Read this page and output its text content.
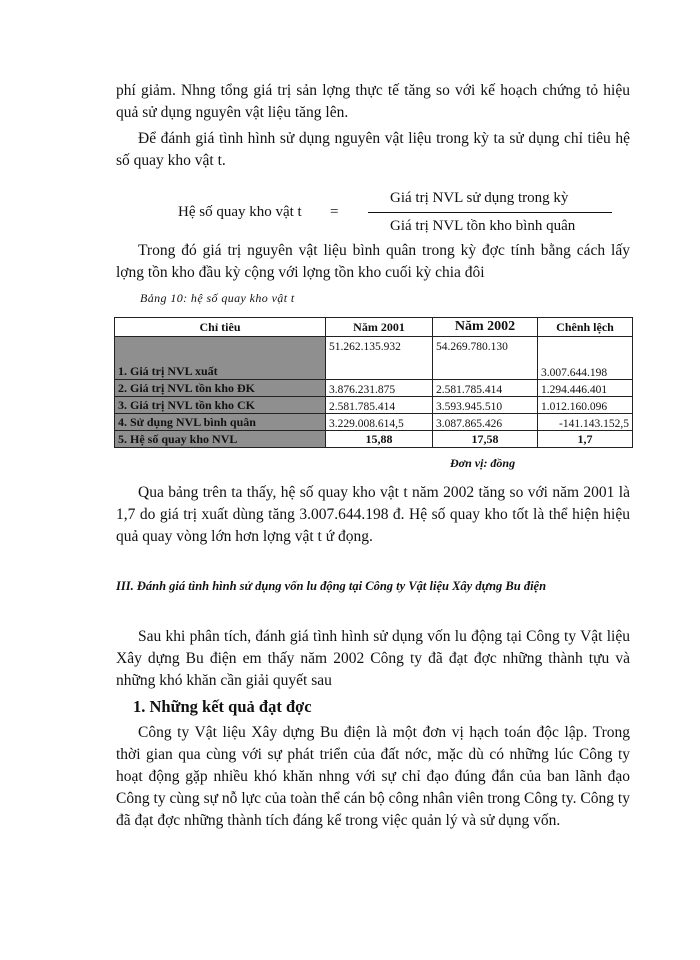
phí giảm. Nhng tổng giá trị sản lợng thực tế tăng so với kế hoạch chứng tỏ hiệu quả sử dụng nguyên vật liệu tăng lên.
Để đánh giá tình hình sử dụng nguyên vật liệu trong kỳ ta sử dụng chỉ tiêu hệ số quay kho vật t.
Hệ số quay kho vật t =
Giá trị NVL sử dụng trong kỳ
Giá trị NVL tồn kho bình quân
Trong đó giá trị nguyên vật liệu bình quân trong kỳ đợc tính bằng cách lấy lợng tồn kho đầu kỳ cộng với lợng tồn kho cuối kỳ chia đôi
Bảng 10: hệ số quay kho vật t
Chỉ tiêu	Năm 2001	Năm 2002	Chênh lệch
1. Giá trị NVL xuất	51.262.135.932	54.269.780.130	3.007.644.198
2. Giá trị NVL tồn kho ĐK	3.876.231.875	2.581.785.414	1.294.446.401
3. Giá trị NVL tồn kho CK	2.581.785.414	3.593.945.510	1.012.160.096
4. Sử dụng NVL bình quân	3.229.008.614,5	3.087.865.426	-141.143.152,5
5. Hệ số quay kho NVL	15,88	17,58	1,7
Đơn vị: đồng
Qua bảng trên ta thấy, hệ số quay kho vật t năm 2002 tăng so với năm 2001 là 1,7 do giá trị xuất dùng tăng 3.007.644.198 đ. Hệ số quay kho tốt là thể hiện hiệu quả quay vòng lớn hơn lợng vật t ứ đọng.
III. Đánh giá tình hình sử dụng vốn lu động tại Công ty Vật liệu Xây dựng Bu điện
Sau khi phân tích, đánh giá tình hình sử dụng vốn lu động tại Công ty Vật liệu Xây dựng Bu điện em thấy năm 2002 Công ty đã đạt đợc những thành tựu và những khó khăn cần giải quyết sau
1. Những kết quả đạt đợc
Công ty Vật liệu Xây dựng Bu điện là một đơn vị hạch toán độc lập. Trong thời gian qua cùng với sự phát triển của đất nớc, mặc dù có những lúc Công ty hoạt động gặp nhiều khó khăn nhng với sự chỉ đạo đúng đắn của ban lãnh đạo Công ty cùng sự nỗ lực của toàn thể cán bộ công nhân viên trong Công ty. Công ty đã đạt đợc những thành tích đáng kể trong việc quản lý và sử dụng vốn.
